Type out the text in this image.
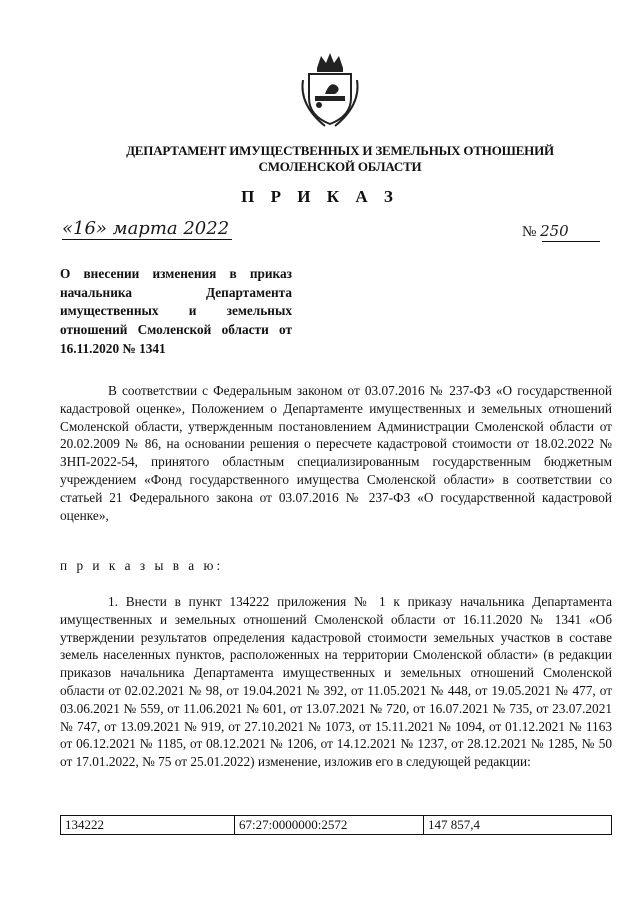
ДЕПАРТАМЕНТ ИМУЩЕСТВЕННЫХ И ЗЕМЕЛЬНЫХ ОТНОШЕНИЙ
СМОЛЕНСКОЙ ОБЛАСТИ
П Р И К А З
«16» марта 2022	№ 250
О внесении изменения в приказ начальника Департамента имущественных и земельных отношений Смоленской области от 16.11.2020 № 1341
В соответствии с Федеральным законом от 03.07.2016 № 237-ФЗ «О государственной кадастровой оценке», Положением о Департаменте имущественных и земельных отношений Смоленской области, утвержденным постановлением Администрации Смоленской области от 20.02.2009 № 86, на основании решения о пересчете кадастровой стоимости от 18.02.2022 № ЗНП-2022-54, принятого областным специализированным государственным бюджетным учреждением «Фонд государственного имущества Смоленской области» в соответствии со статьей 21 Федерального закона от 03.07.2016 № 237-ФЗ «О государственной кадастровой оценке»,
п р и к а з ы в а ю:
1. Внести в пункт 134222 приложения № 1 к приказу начальника Департамента имущественных и земельных отношений Смоленской области от 16.11.2020 № 1341 «Об утверждении результатов определения кадастровой стоимости земельных участков в составе земель населенных пунктов, расположенных на территории Смоленской области» (в редакции приказов начальника Департамента имущественных и земельных отношений Смоленской области от 02.02.2021 № 98, от 19.04.2021 № 392, от 11.05.2021 № 448, от 19.05.2021 № 477, от 03.06.2021 № 559, от 11.06.2021 № 601, от 13.07.2021 № 720, от 16.07.2021 № 735, от 23.07.2021 № 747, от 13.09.2021 № 919, от 27.10.2021 № 1073, от 15.11.2021 № 1094, от 01.12.2021 № 1163 от 06.12.2021 № 1185, от 08.12.2021 № 1206, от 14.12.2021 № 1237, от 28.12.2021 № 1285, № 50 от 17.01.2022, № 75 от 25.01.2022) изменение, изложив его в следующей редакции:
134222	67:27:0000000:2572	147 857,4
